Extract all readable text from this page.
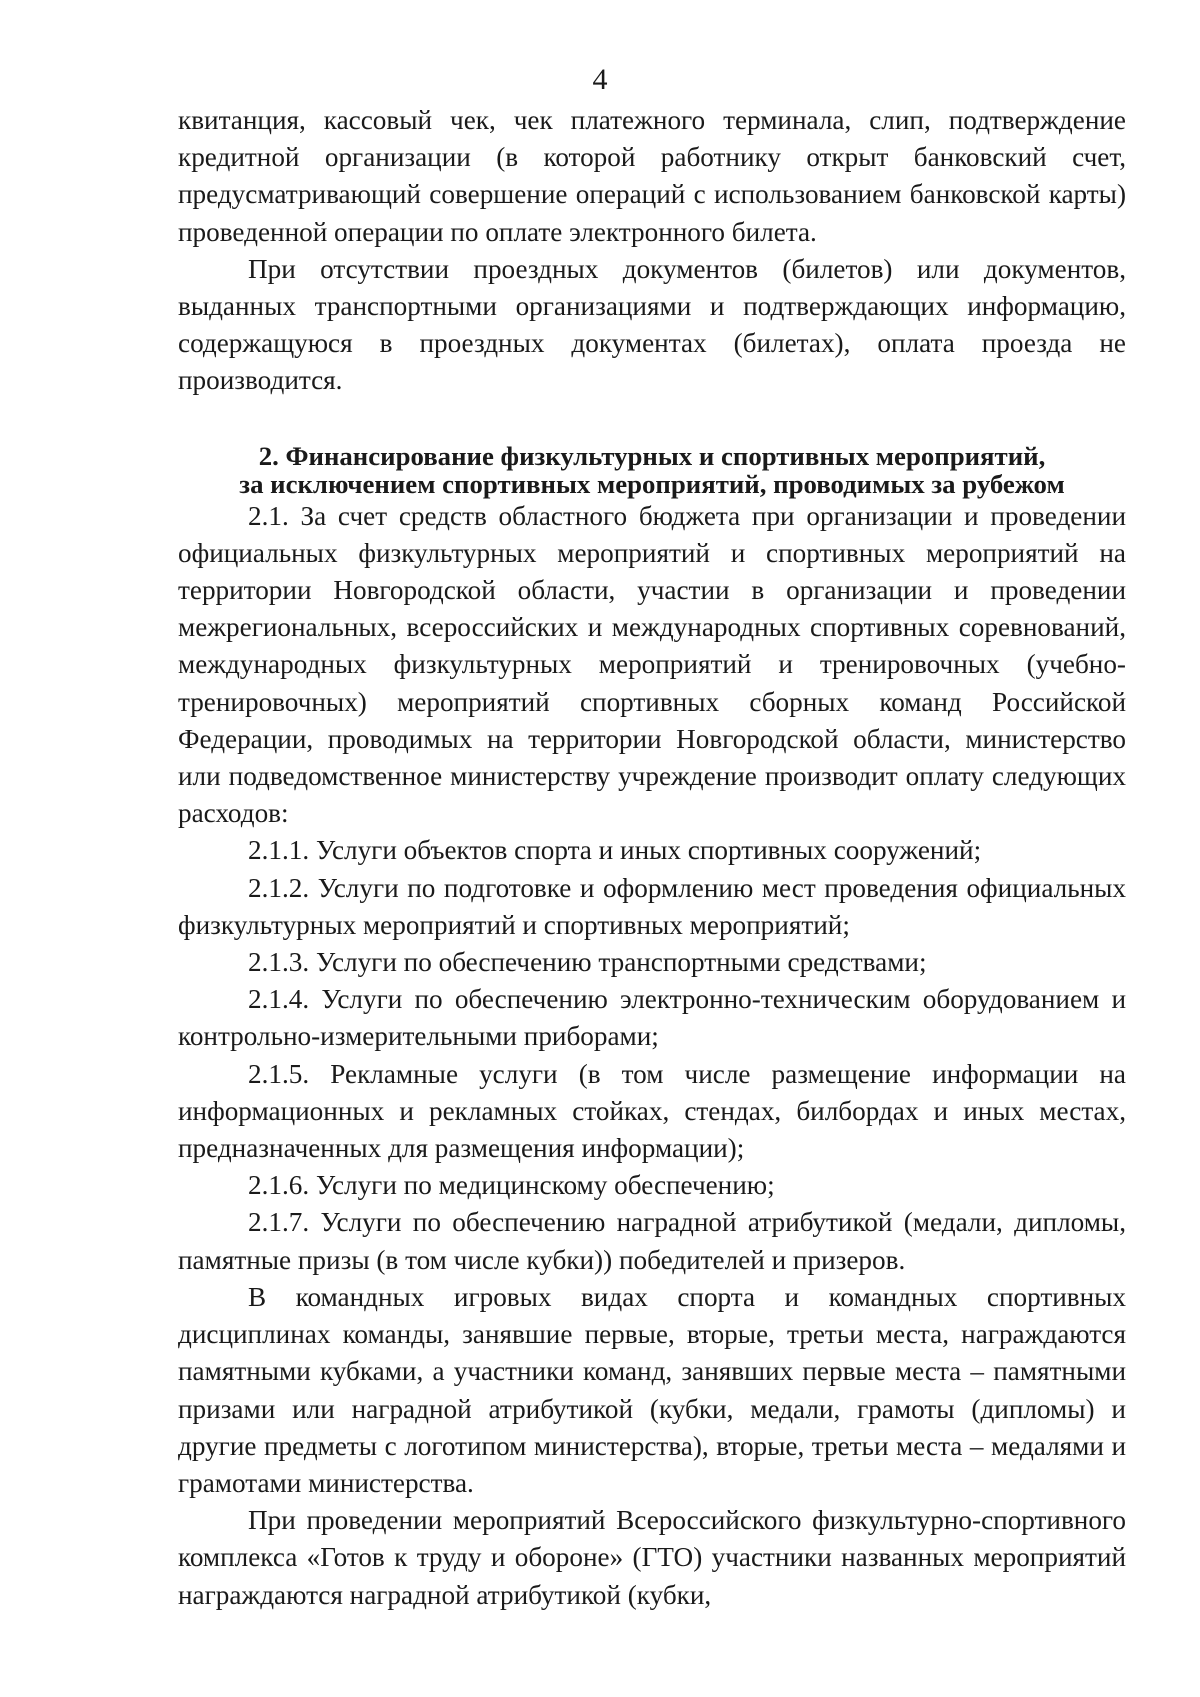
4

квитанция, кассовый чек, чек платежного терминала, слип, подтверждение кредитной организации (в которой работнику открыт банковский счет, предусматривающий совершение операций с использованием банковской карты) проведенной операции по оплате электронного билета.

При отсутствии проездных документов (билетов) или документов, выданных транспортными организациями и подтверждающих информацию, содержащуюся в проездных документах (билетах), оплата проезда не производится.

2. Финансирование физкультурных и спортивных мероприятий,
за исключением спортивных мероприятий, проводимых за рубежом

2.1. За счет средств областного бюджета при организации и проведении официальных физкультурных мероприятий и спортивных мероприятий на территории Новгородской области, участии в организации и проведении межрегиональных, всероссийских и международных спортивных соревнований, международных физкультурных мероприятий и тренировочных (учебно-тренировочных) мероприятий спортивных сборных команд Российской Федерации, проводимых на территории Новгородской области, министерство или подведомственное министерству учреждение производит оплату следующих расходов:

2.1.1. Услуги объектов спорта и иных спортивных сооружений;

2.1.2. Услуги по подготовке и оформлению мест проведения официальных физкультурных мероприятий и спортивных мероприятий;

2.1.3. Услуги по обеспечению транспортными средствами;

2.1.4. Услуги по обеспечению электронно-техническим оборудованием и контрольно-измерительными приборами;

2.1.5. Рекламные услуги (в том числе размещение информации на информационных и рекламных стойках, стендах, билбордах и иных местах, предназначенных для размещения информации);

2.1.6. Услуги по медицинскому обеспечению;

2.1.7. Услуги по обеспечению наградной атрибутикой (медали, дипломы, памятные призы (в том числе кубки)) победителей и призеров.

В командных игровых видах спорта и командных спортивных дисциплинах команды, занявшие первые, вторые, третьи места, награждаются памятными кубками, а участники команд, занявших первые места – памятными призами или наградной атрибутикой (кубки, медали, грамоты (дипломы) и другие предметы с логотипом министерства), вторые, третьи места – медалями и грамотами министерства.

При проведении мероприятий Всероссийского физкультурно-спортивного комплекса «Готов к труду и обороне» (ГТО) участники названных мероприятий награждаются наградной атрибутикой (кубки,
